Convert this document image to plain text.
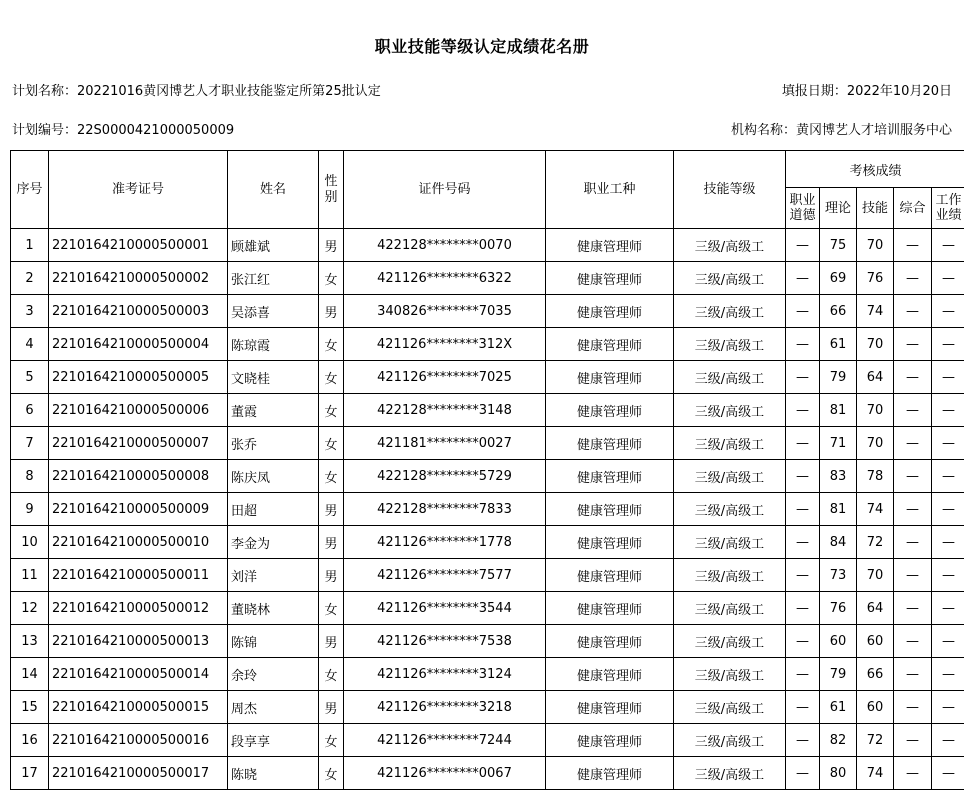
职业技能等级认定成绩花名册
计划名称：20221016黄冈博艺人才职业技能鉴定所第25批认定	填报日期：2022年10月20日
计划编号：22S0000421000050009	机构名称：黄冈博艺人才培训服务中心
序号	准考证号	姓名	性别	证件号码	职业工种	技能等级	考核成绩				
							职业道德	理论	技能	综合	工作业绩
1	2210164210000500001	顾雄斌	男	422128********0070	健康管理师	三级/高级工	—	75	70	—	—
2	2210164210000500002	张江红	女	421126********6322	健康管理师	三级/高级工	—	69	76	—	—
3	2210164210000500003	吴添喜	男	340826********7035	健康管理师	三级/高级工	—	66	74	—	—
4	2210164210000500004	陈琼霞	女	421126********312X	健康管理师	三级/高级工	—	61	70	—	—
5	2210164210000500005	文晓桂	女	421126********7025	健康管理师	三级/高级工	—	79	64	—	—
6	2210164210000500006	董霞	女	422128********3148	健康管理师	三级/高级工	—	81	70	—	—
7	2210164210000500007	张乔	女	421181********0027	健康管理师	三级/高级工	—	71	70	—	—
8	2210164210000500008	陈庆凤	女	422128********5729	健康管理师	三级/高级工	—	83	78	—	—
9	2210164210000500009	田超	男	422128********7833	健康管理师	三级/高级工	—	81	74	—	—
10	2210164210000500010	李金为	男	421126********1778	健康管理师	三级/高级工	—	84	72	—	—
11	2210164210000500011	刘洋	男	421126********7577	健康管理师	三级/高级工	—	73	70	—	—
12	2210164210000500012	董晓林	女	421126********3544	健康管理师	三级/高级工	—	76	64	—	—
13	2210164210000500013	陈锦	男	421126********7538	健康管理师	三级/高级工	—	60	60	—	—
14	2210164210000500014	余玲	女	421126********3124	健康管理师	三级/高级工	—	79	66	—	—
15	2210164210000500015	周杰	男	421126********3218	健康管理师	三级/高级工	—	61	60	—	—
16	2210164210000500016	段享享	女	421126********7244	健康管理师	三级/高级工	—	82	72	—	—
17	2210164210000500017	陈晓	女	421126********0067	健康管理师	三级/高级工	—	80	74	—	—
